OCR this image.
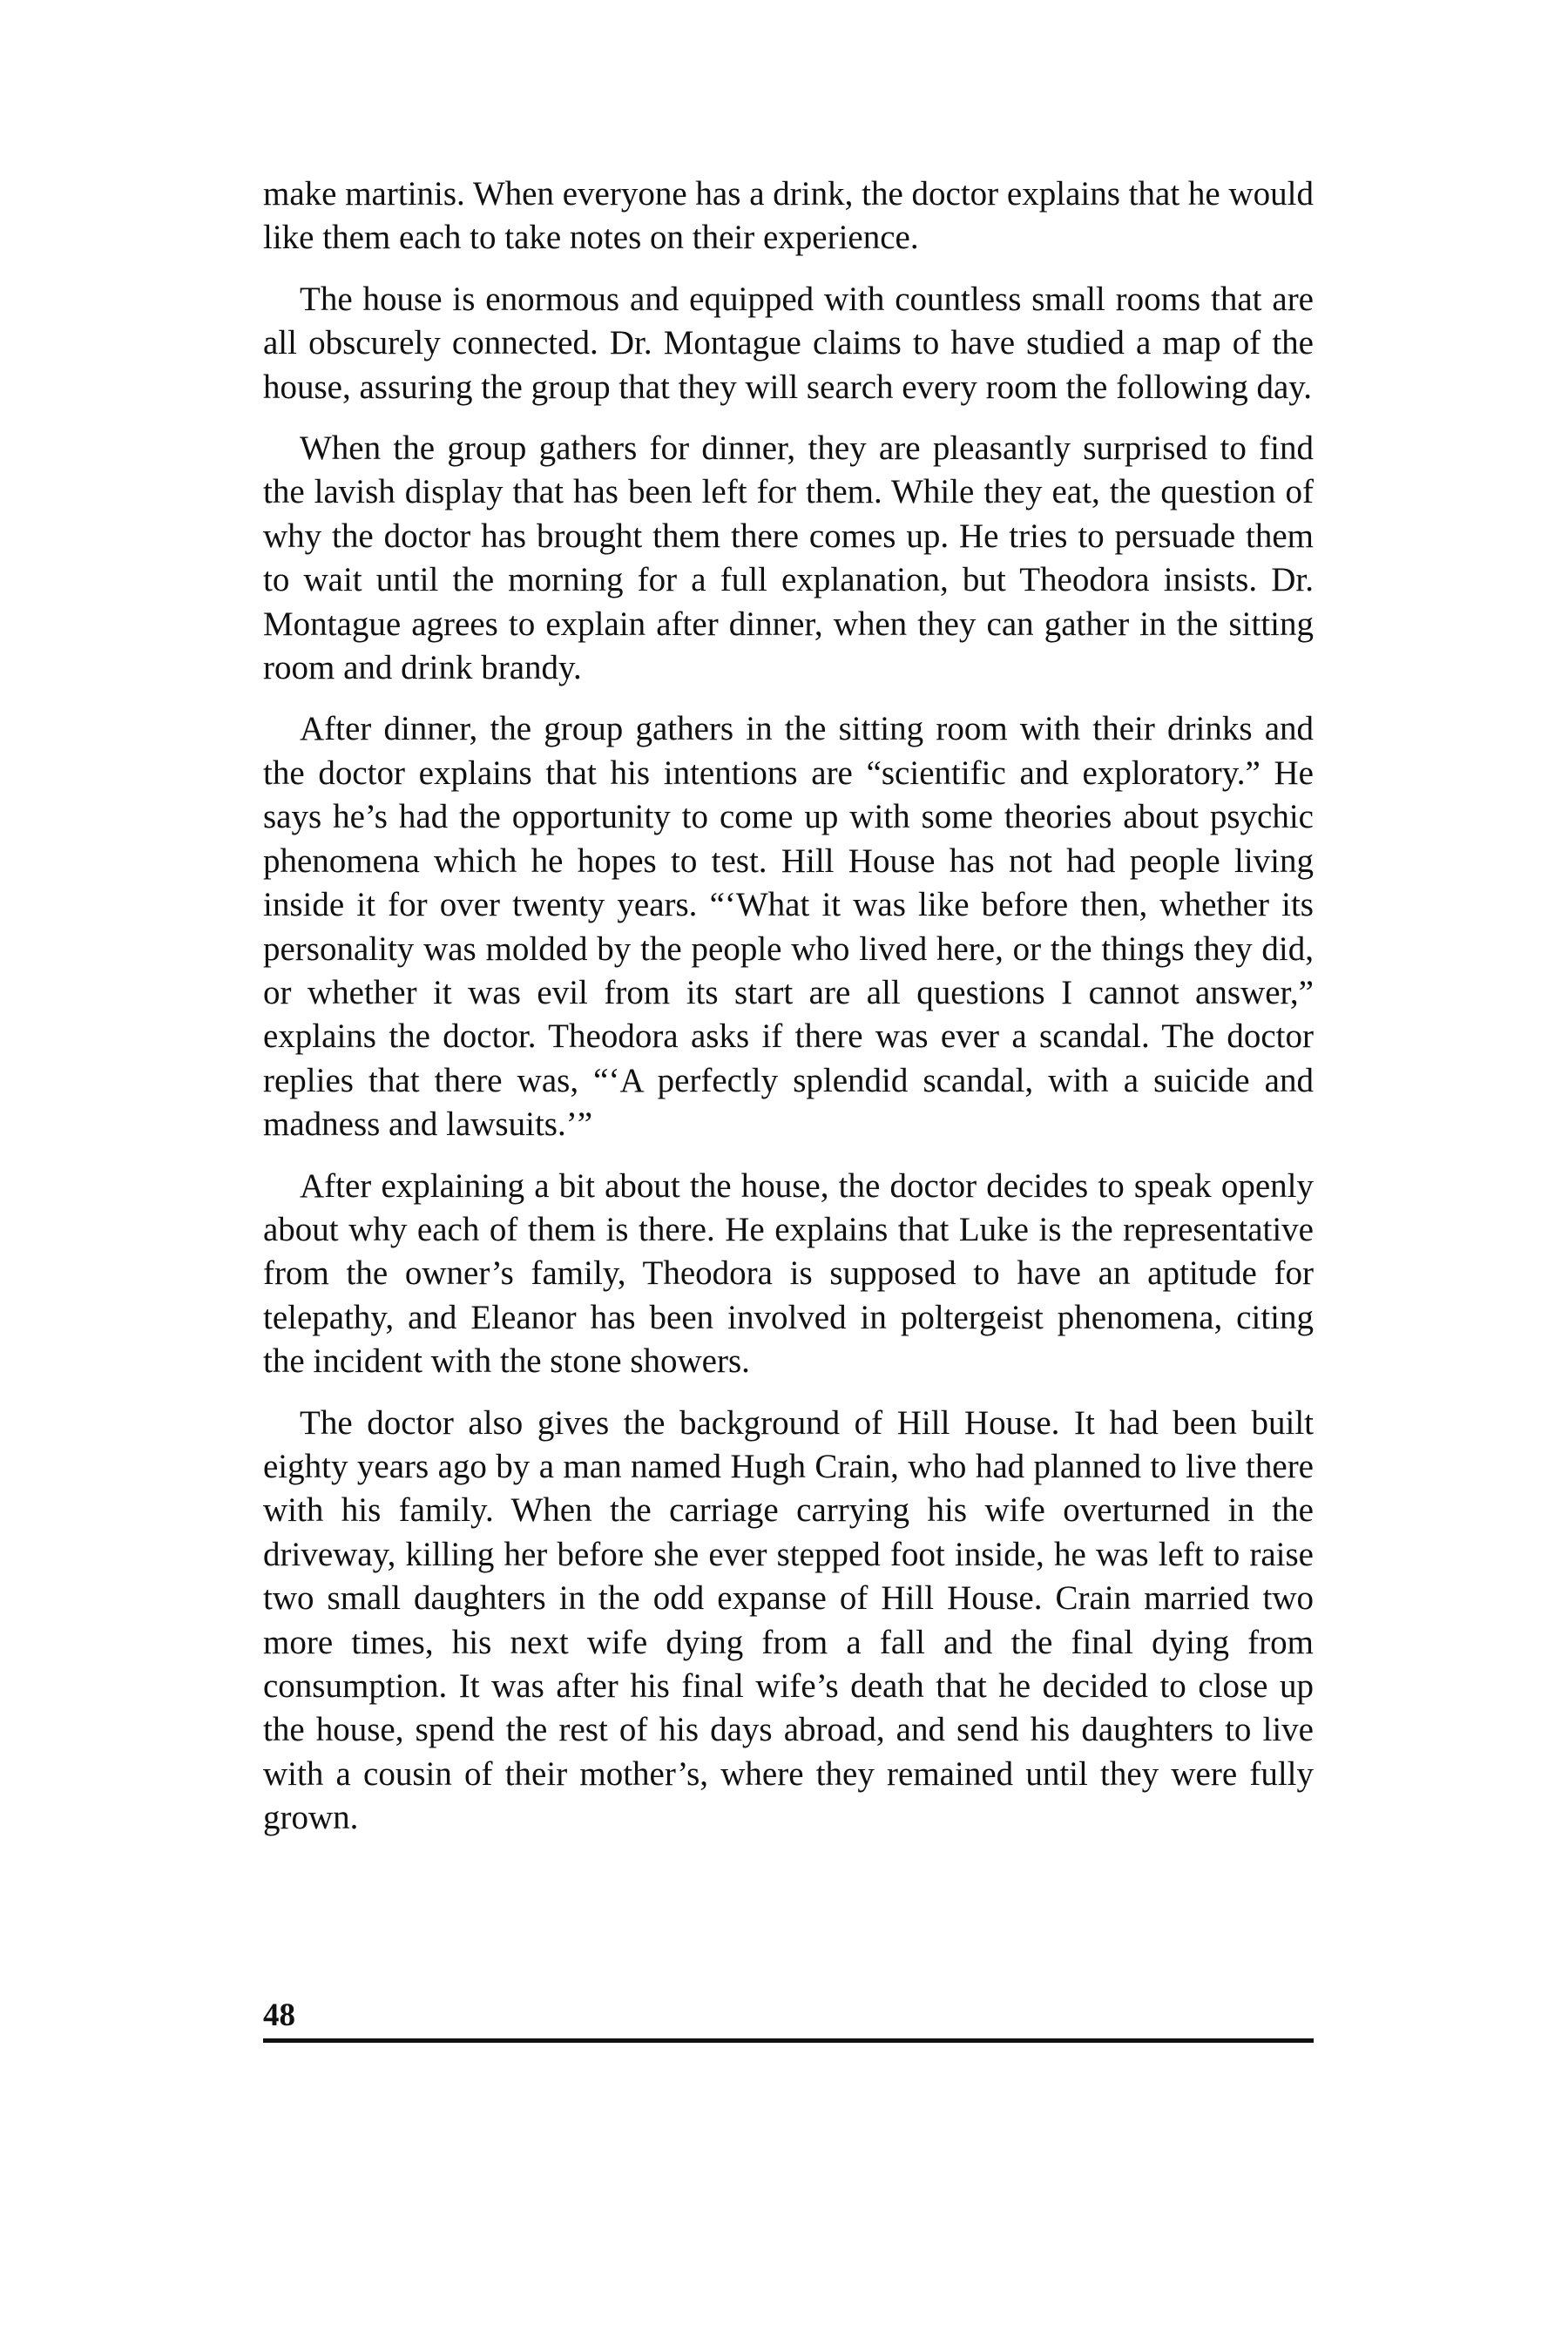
make martinis. When everyone has a drink, the doctor explains that he would like them each to take notes on their experience.

The house is enormous and equipped with countless small rooms that are all obscurely connected. Dr. Montague claims to have studied a map of the house, assuring the group that they will search every room the following day.

When the group gathers for dinner, they are pleasantly surprised to find the lavish display that has been left for them. While they eat, the question of why the doctor has brought them there comes up. He tries to persuade them to wait until the morning for a full explanation, but Theodora insists. Dr. Montague agrees to explain after dinner, when they can gather in the sitting room and drink brandy.

After dinner, the group gathers in the sitting room with their drinks and the doctor explains that his intentions are “scientific and exploratory.” He says he’s had the opportunity to come up with some theories about psychic phenomena which he hopes to test. Hill House has not had people living inside it for over twenty years. “‘What it was like before then, whether its personality was molded by the people who lived here, or the things they did, or whether it was evil from its start are all questions I cannot answer,” explains the doctor. Theodora asks if there was ever a scandal. The doctor replies that there was, “‘A perfectly splendid scandal, with a suicide and madness and lawsuits.’”

After explaining a bit about the house, the doctor decides to speak openly about why each of them is there. He explains that Luke is the representative from the owner’s family, Theodora is supposed to have an aptitude for telepathy, and Eleanor has been involved in poltergeist phenomena, citing the incident with the stone showers.

The doctor also gives the background of Hill House. It had been built eighty years ago by a man named Hugh Crain, who had planned to live there with his family. When the carriage carrying his wife overturned in the driveway, killing her before she ever stepped foot inside, he was left to raise two small daughters in the odd expanse of Hill House. Crain married two more times, his next wife dying from a fall and the final dying from consumption. It was after his final wife’s death that he decided to close up the house, spend the rest of his days abroad, and send his daughters to live with a cousin of their mother’s, where they remained until they were fully grown.

48
